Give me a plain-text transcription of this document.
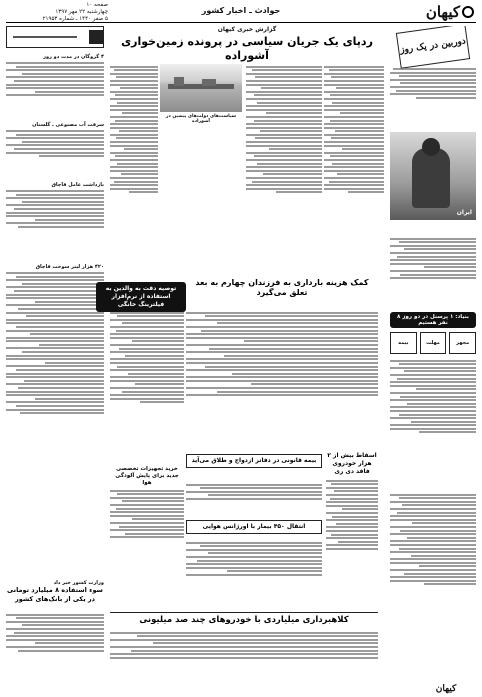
کیهان
حوادث ـ اخبار کشور
صفحه ۱۰
چهارشنبه ۲۲ مهر ۱۳۹۷
۵ صفر ۱۴۴۰ ـ شماره ۲۱۹۵۳
دوربین در یک روز
ایران
بنیاد: ۱ پرسنل در دو روز ۸ نفر هستیم
مجهز
مهلت
بیمه
گزارش خبری کیهان
ردپای یک جریان سیاسی در پرونده زمین‌خواری آشوراده
سیاست‌های دولت‌های پیشین در آشوراده
۴ گروگان در مدت دو روز
سرقت آب مصنوعی ـ گلستان
بازداشت عامل قاچاق
۴۲۰ هزار لیتر سوخت قاچاق
کمک هزینه بارداری به فرزندان چهارم به بعد تعلق می‌گیرد
توصیه دقت به والدین به استفاده از نرم‌افزار فیلترینگ خانگی
بیمه قانونی در دفاتر ازدواج و طلاق می‌آید
اسقاط بیش از ۲ هزار خودروی فاقد دی ری
خرید تجهیزات تخصصی جدید برای پایش آلودگی هوا
انتقال ۴۵۰ بیمار با اورژانس هوایی
وزارت کشور خبر داد
سوء استفاده ۸ میلیارد تومانی در یکی از بانک‌های کشور
کلاهبرداری میلیاردی با خودروهای چند صد میلیونی
کیهان
